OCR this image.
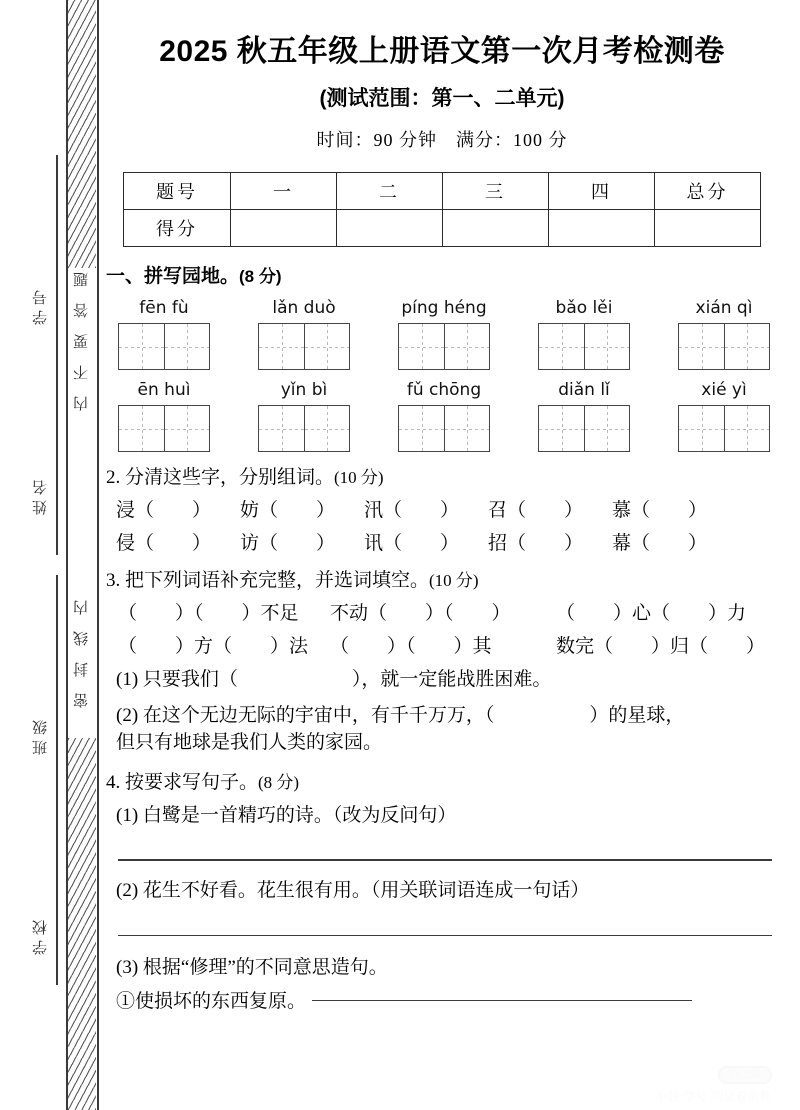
题
答
要
不
内
内
线
封
密
学号
姓名
班级
学校
2025 秋五年级上册语文第一次月考检测卷
(测试范围：第一、二单元)
时间：90 分钟　满分：100 分
题号	一	二	三	四	总分
得分					
一、拼写园地。(8 分)
fēn fù	lǎn duò	píng héng	bǎo lěi	xián qì
ēn huì	yǐn bì	fǔ chōng	diǎn lǐ	xié yì
2. 分清这些字，分别组词。(10 分)
浸（　　）	妨（　　）	汛（　　）	召（　　）	慕（　　）
侵（　　）	访（　　）	讯（　　）	招（　　）	幕（　　）
3. 把下列词语补充完整，并选词填空。(10 分)
（　　）（　　）不足	不动（　　）（　　）	（　　）心（　　）力
（　　）方（　　）法	（　　）（　　）其	数完（　　）归（　　）
(1) 只要我们（　　　　　　），就一定能战胜困难。
(2) 在这个无边无际的宇宙中，有千千万万，（　　　　　）的星球，
但只有地球是我们人类的家园。
4. 按要求写句子。(8 分)
(1) 白鹭是一首精巧的诗。（改为反问句）
(2) 花生不好看。花生很有用。（用关联词语连成一句话）
(3) 根据“修理”的不同意思造句。
①使损坏的东西复原。
TK155
小包 学号 的试卷助理
